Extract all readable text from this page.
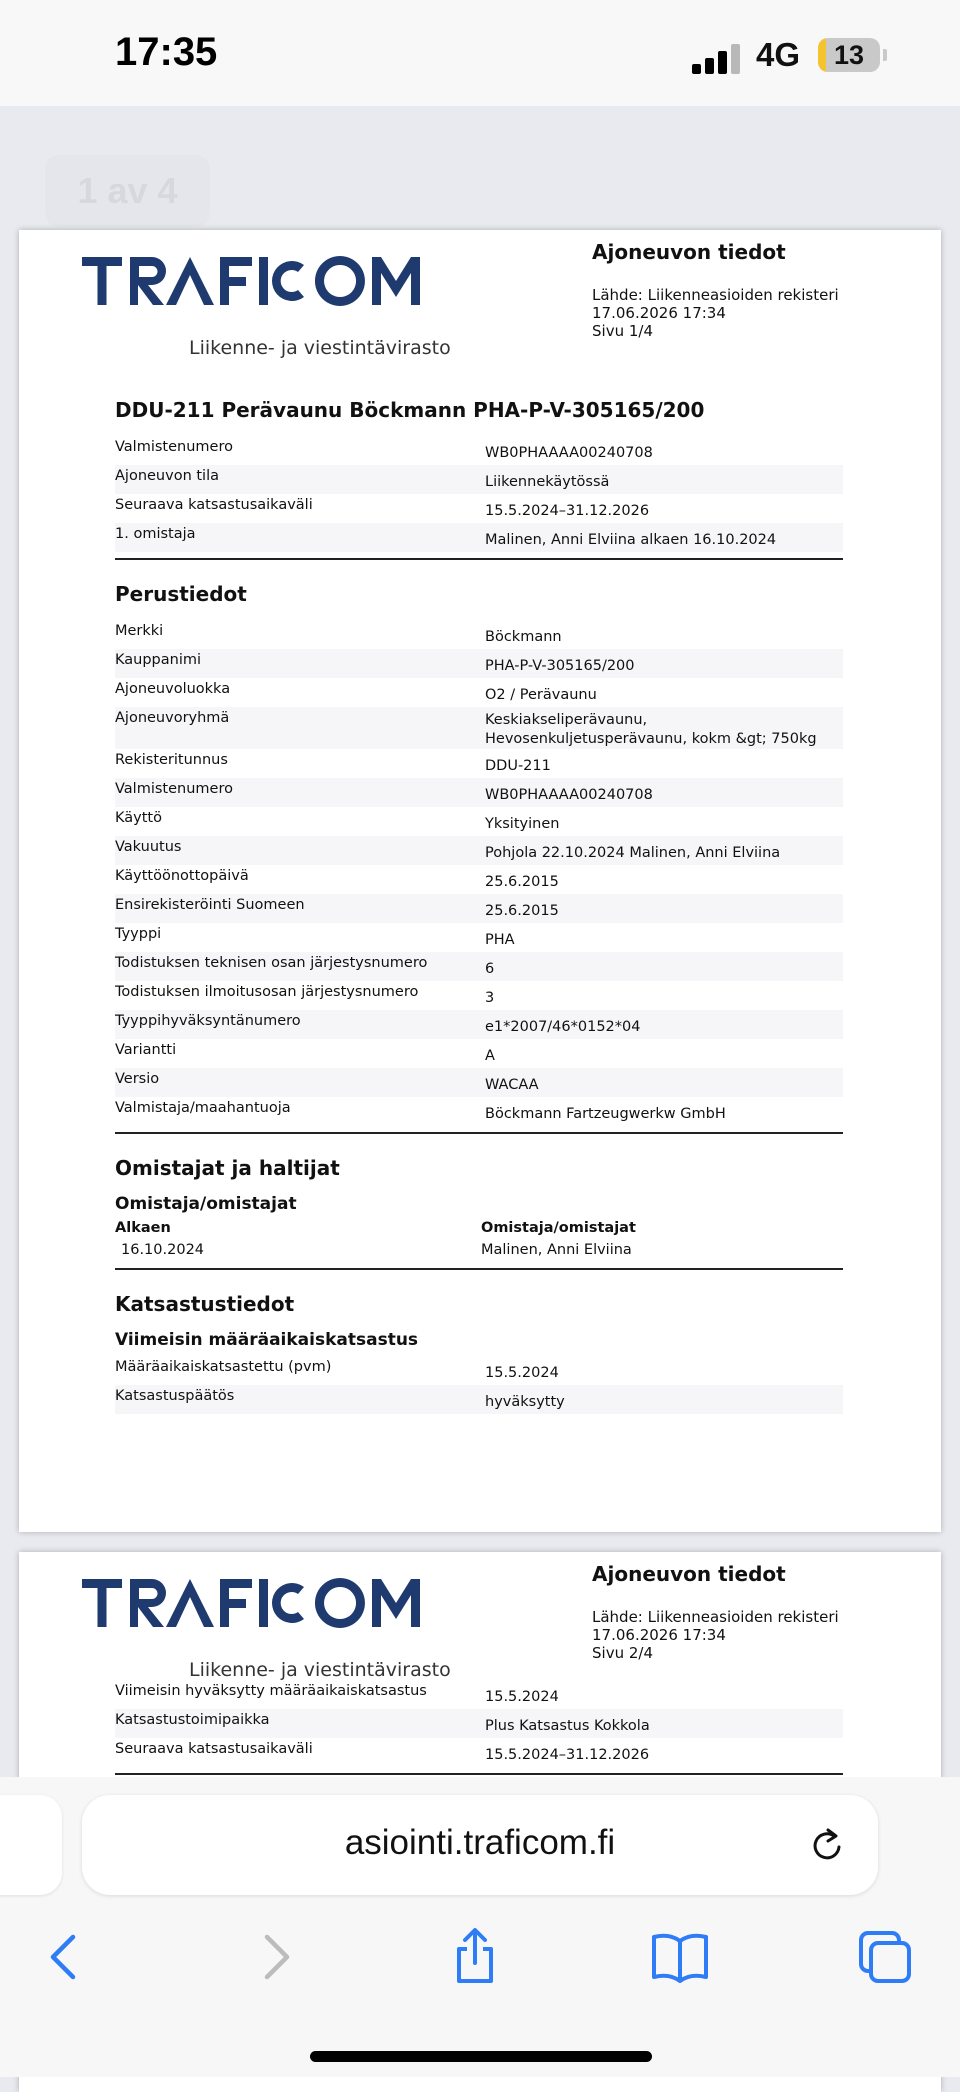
17:35	4G	13
1 av 4
Liikenne- ja viestintävirasto
Ajoneuvon tiedot
Lähde: Liikenneasioiden rekisteri
17.06.2026 17:34
Sivu 1/4
DDU-211 Perävaunu Böckmann PHA-P-V-305165/200
Valmistenumero	WB0PHAAAA00240708
Ajoneuvon tila	Liikennekäytössä
Seuraava katsastusaikaväli	15.5.2024–31.12.2026
1. omistaja	Malinen, Anni Elviina alkaen 16.10.2024
Perustiedot
Merkki	Böckmann
Kauppanimi	PHA-P-V-305165/200
Ajoneuvoluokka	O2 / Perävaunu
Ajoneuvoryhmä	Keskiakseliperävaunu, Hevosenkuljetusperävaunu, kokm &gt; 750kg
Rekisteritunnus	DDU-211
Valmistenumero	WB0PHAAAA00240708
Käyttö	Yksityinen
Vakuutus	Pohjola 22.10.2024 Malinen, Anni Elviina
Käyttöönottopäivä	25.6.2015
Ensirekisteröinti Suomeen	25.6.2015
Tyyppi	PHA
Todistuksen teknisen osan järjestysnumero	6
Todistuksen ilmoitusosan järjestysnumero	3
Tyyppihyväksyntänumero	e1*2007/46*0152*04
Variantti	A
Versio	WACAA
Valmistaja/maahantuoja	Böckmann Fartzeugwerkw GmbH
Omistajat ja haltijat
Omistaja/omistajat
Alkaen	Omistaja/omistajat
16.10.2024	Malinen, Anni Elviina
Katsastustiedot
Viimeisin määräaikaiskatsastus
Määräaikaiskatsastettu (pvm)	15.5.2024
Katsastuspäätös	hyväksytty
Liikenne- ja viestintävirasto
Ajoneuvon tiedot
Lähde: Liikenneasioiden rekisteri
17.06.2026 17:34
Sivu 2/4
Viimeisin hyväksytty määräaikaiskatsastus	15.5.2024
Katsastustoimipaikka	Plus Katsastus Kokkola
Seuraava katsastusaikaväli	15.5.2024–31.12.2026
asiointi.traficom.fi
